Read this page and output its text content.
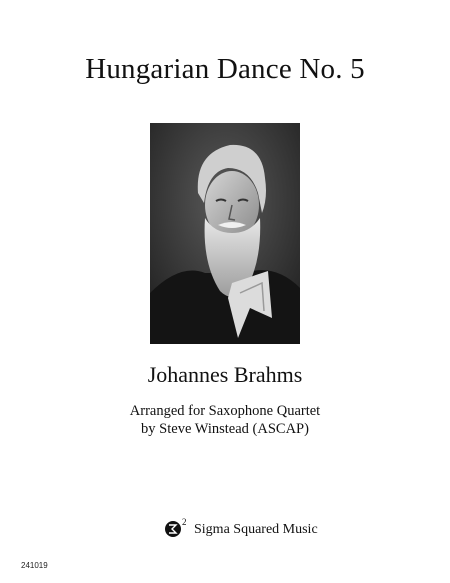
Hungarian Dance No. 5
Johannes Brahms
Arranged for Saxophone Quartet
by Steve Winstead (ASCAP)
2
Sigma Squared Music
241019
